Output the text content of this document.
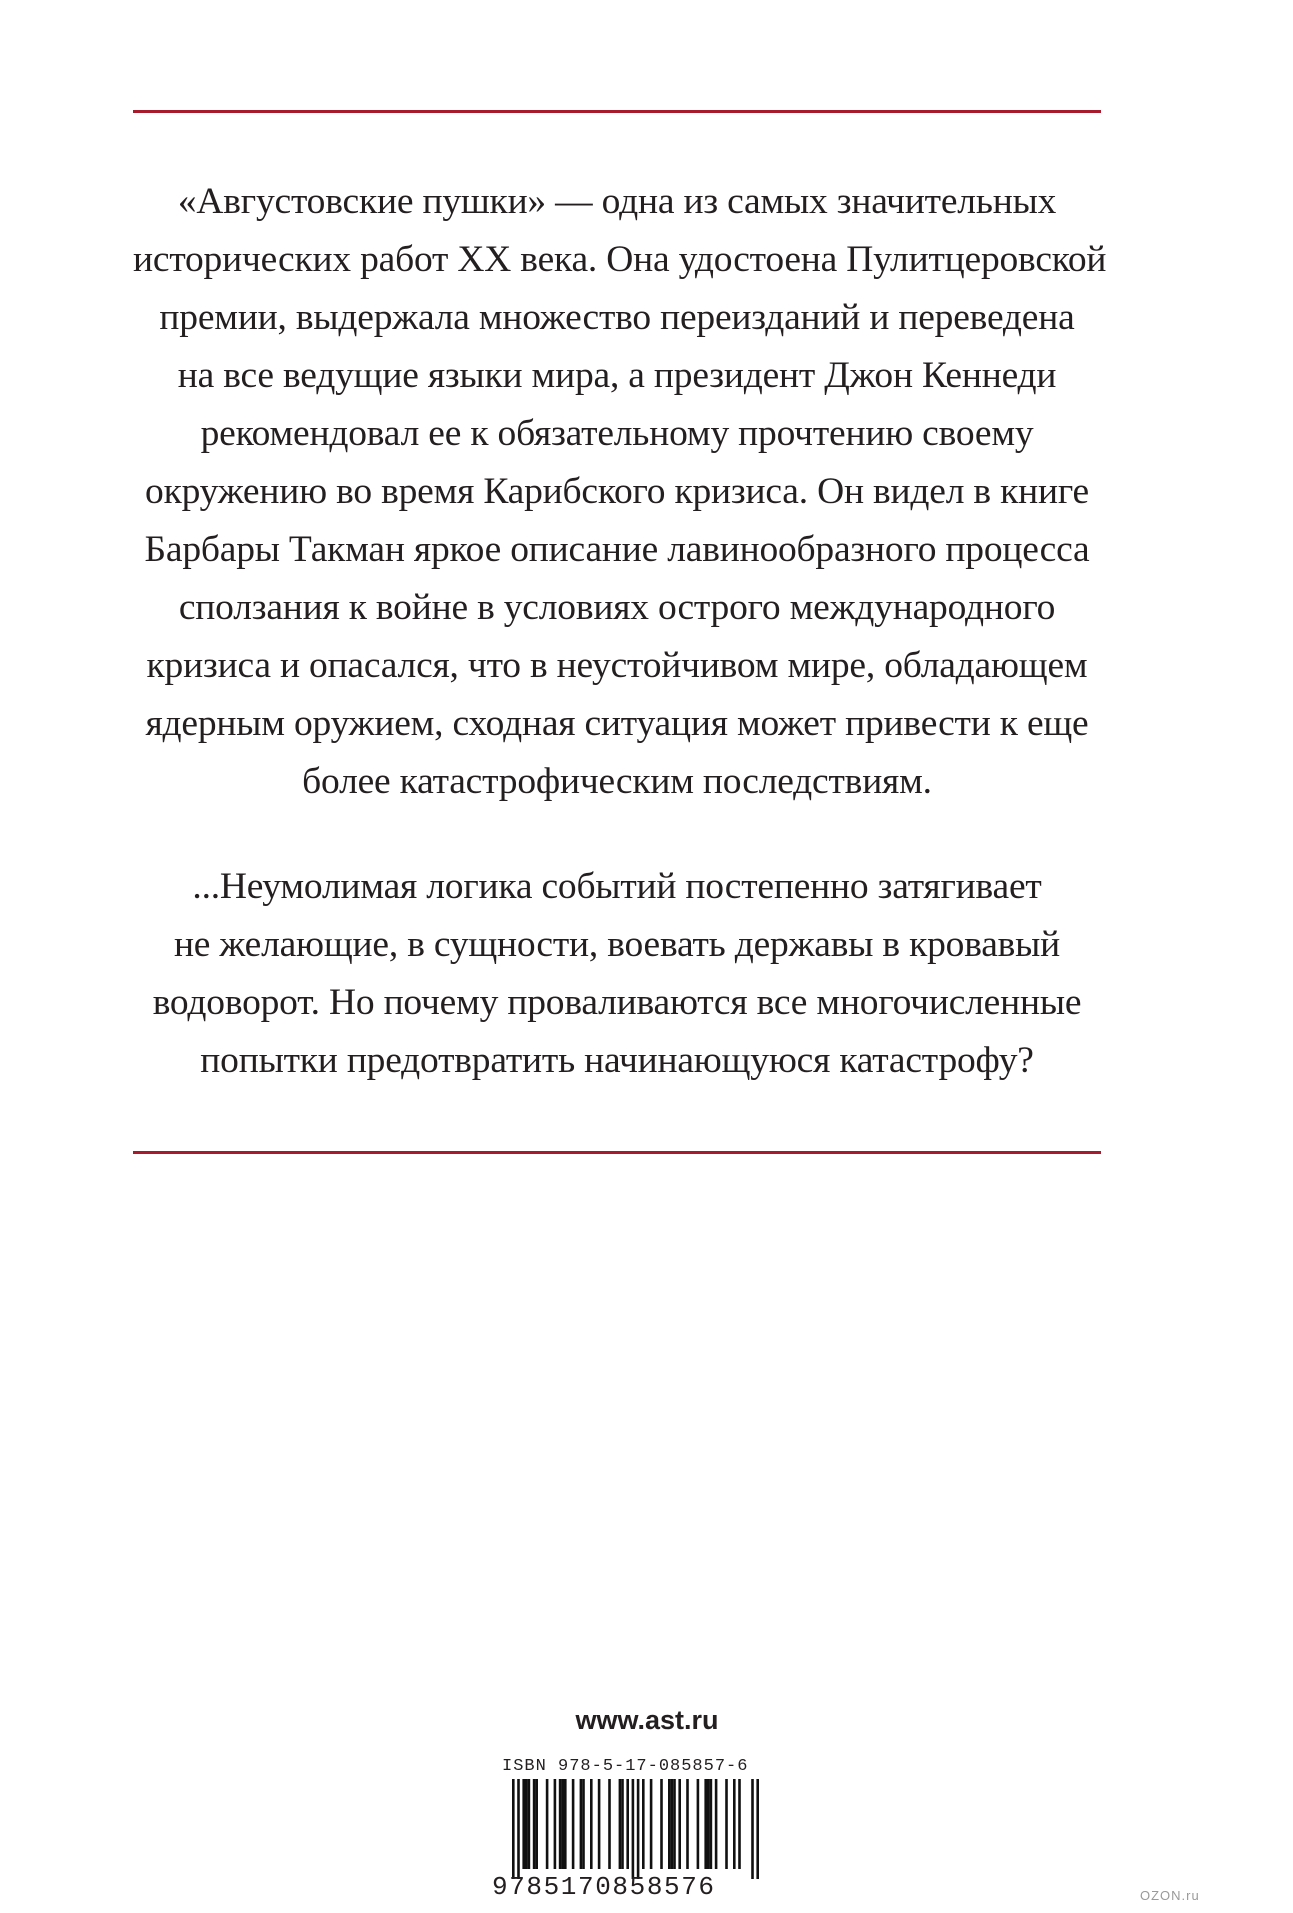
«Августовские пушки» — одна из самых значительных
исторических работ XX века. Она удостоена Пулитцеровской
премии, выдержала множество переизданий и переведена
на все ведущие языки мира, а президент Джон Кеннеди
рекомендовал ее к обязательному прочтению своему
окружению во время Карибского кризиса. Он видел в книге
Барбары Такман яркое описание лавинообразного процесса
сползания к войне в условиях острого международного
кризиса и опасался, что в неустойчивом мире, обладающем
ядерным оружием, сходная ситуация может привести к еще
более катастрофическим последствиям.
...Неумолимая логика событий постепенно затягивает
не желающие, в сущности, воевать державы в кровавый
водоворот. Но почему проваливаются все многочисленные
попытки предотвратить начинающуюся катастрофу?
www.ast.ru
ISBN 978-5-17-085857-6
9785170858576	OZON.ru
